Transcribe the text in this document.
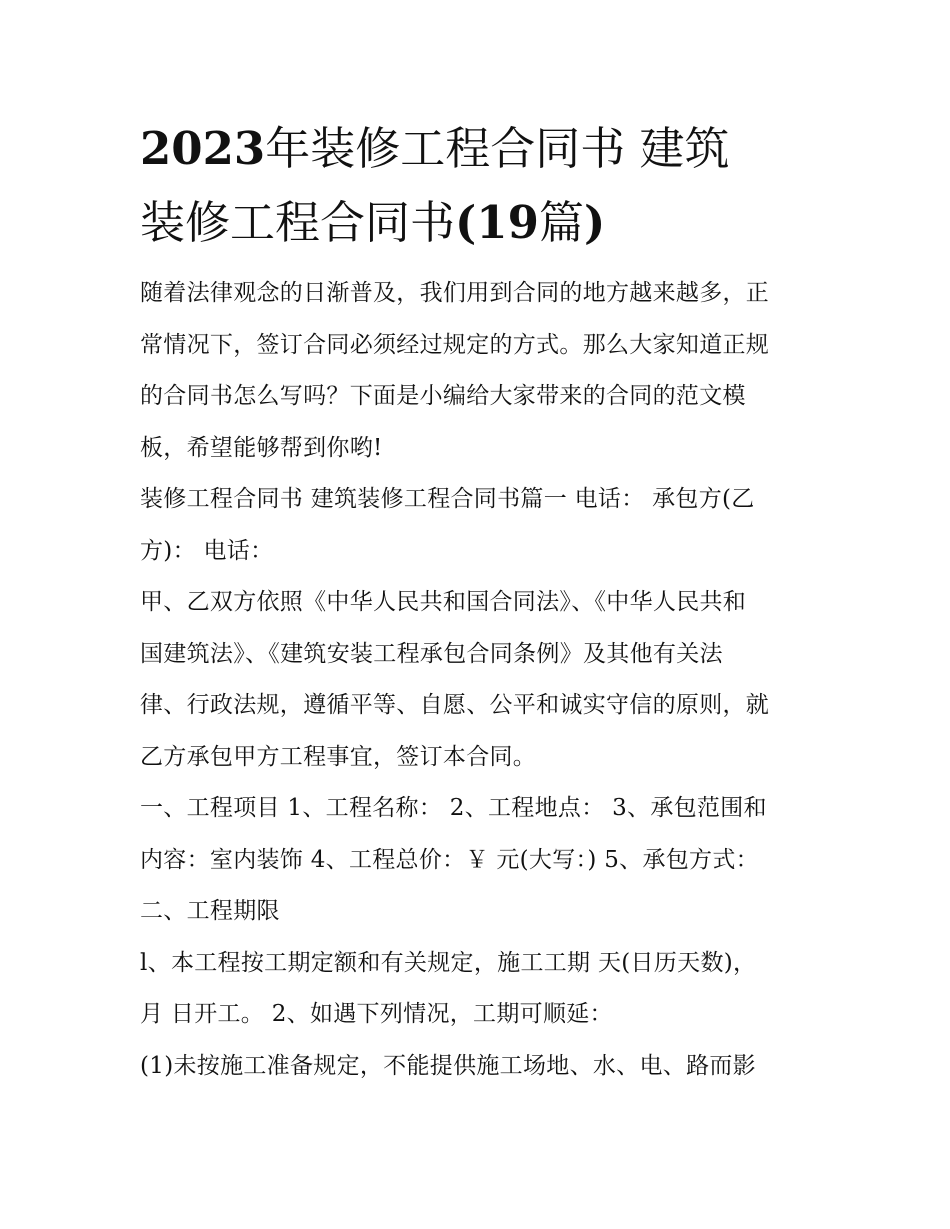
2023年装修工程合同书 建筑
装修工程合同书(19篇)
随着法律观念的日渐普及，我们用到合同的地方越来越多，正
常情况下，签订合同必须经过规定的方式。那么大家知道正规
的合同书怎么写吗？下面是小编给大家带来的合同的范文模
板，希望能够帮到你哟!
装修工程合同书 建筑装修工程合同书篇一 电话： 承包方(乙
方)： 电话：
甲、乙双方依照《中华人民共和国合同法》、《中华人民共和
国建筑法》、《建筑安装工程承包合同条例》及其他有关法
律、行政法规，遵循平等、自愿、公平和诚实守信的原则，就
乙方承包甲方工程事宜，签订本合同。
一、工程项目 1、工程名称： 2、工程地点： 3、承包范围和
内容：室内装饰 4、工程总价：￥ 元(大写：) 5、承包方式：
二、工程期限
l、本工程按工期定额和有关规定，施工工期 天(日历天数)，
月 日开工。 2、如遇下列情况，工期可顺延：
(1)未按施工准备规定，不能提供施工场地、水、电、路而影
